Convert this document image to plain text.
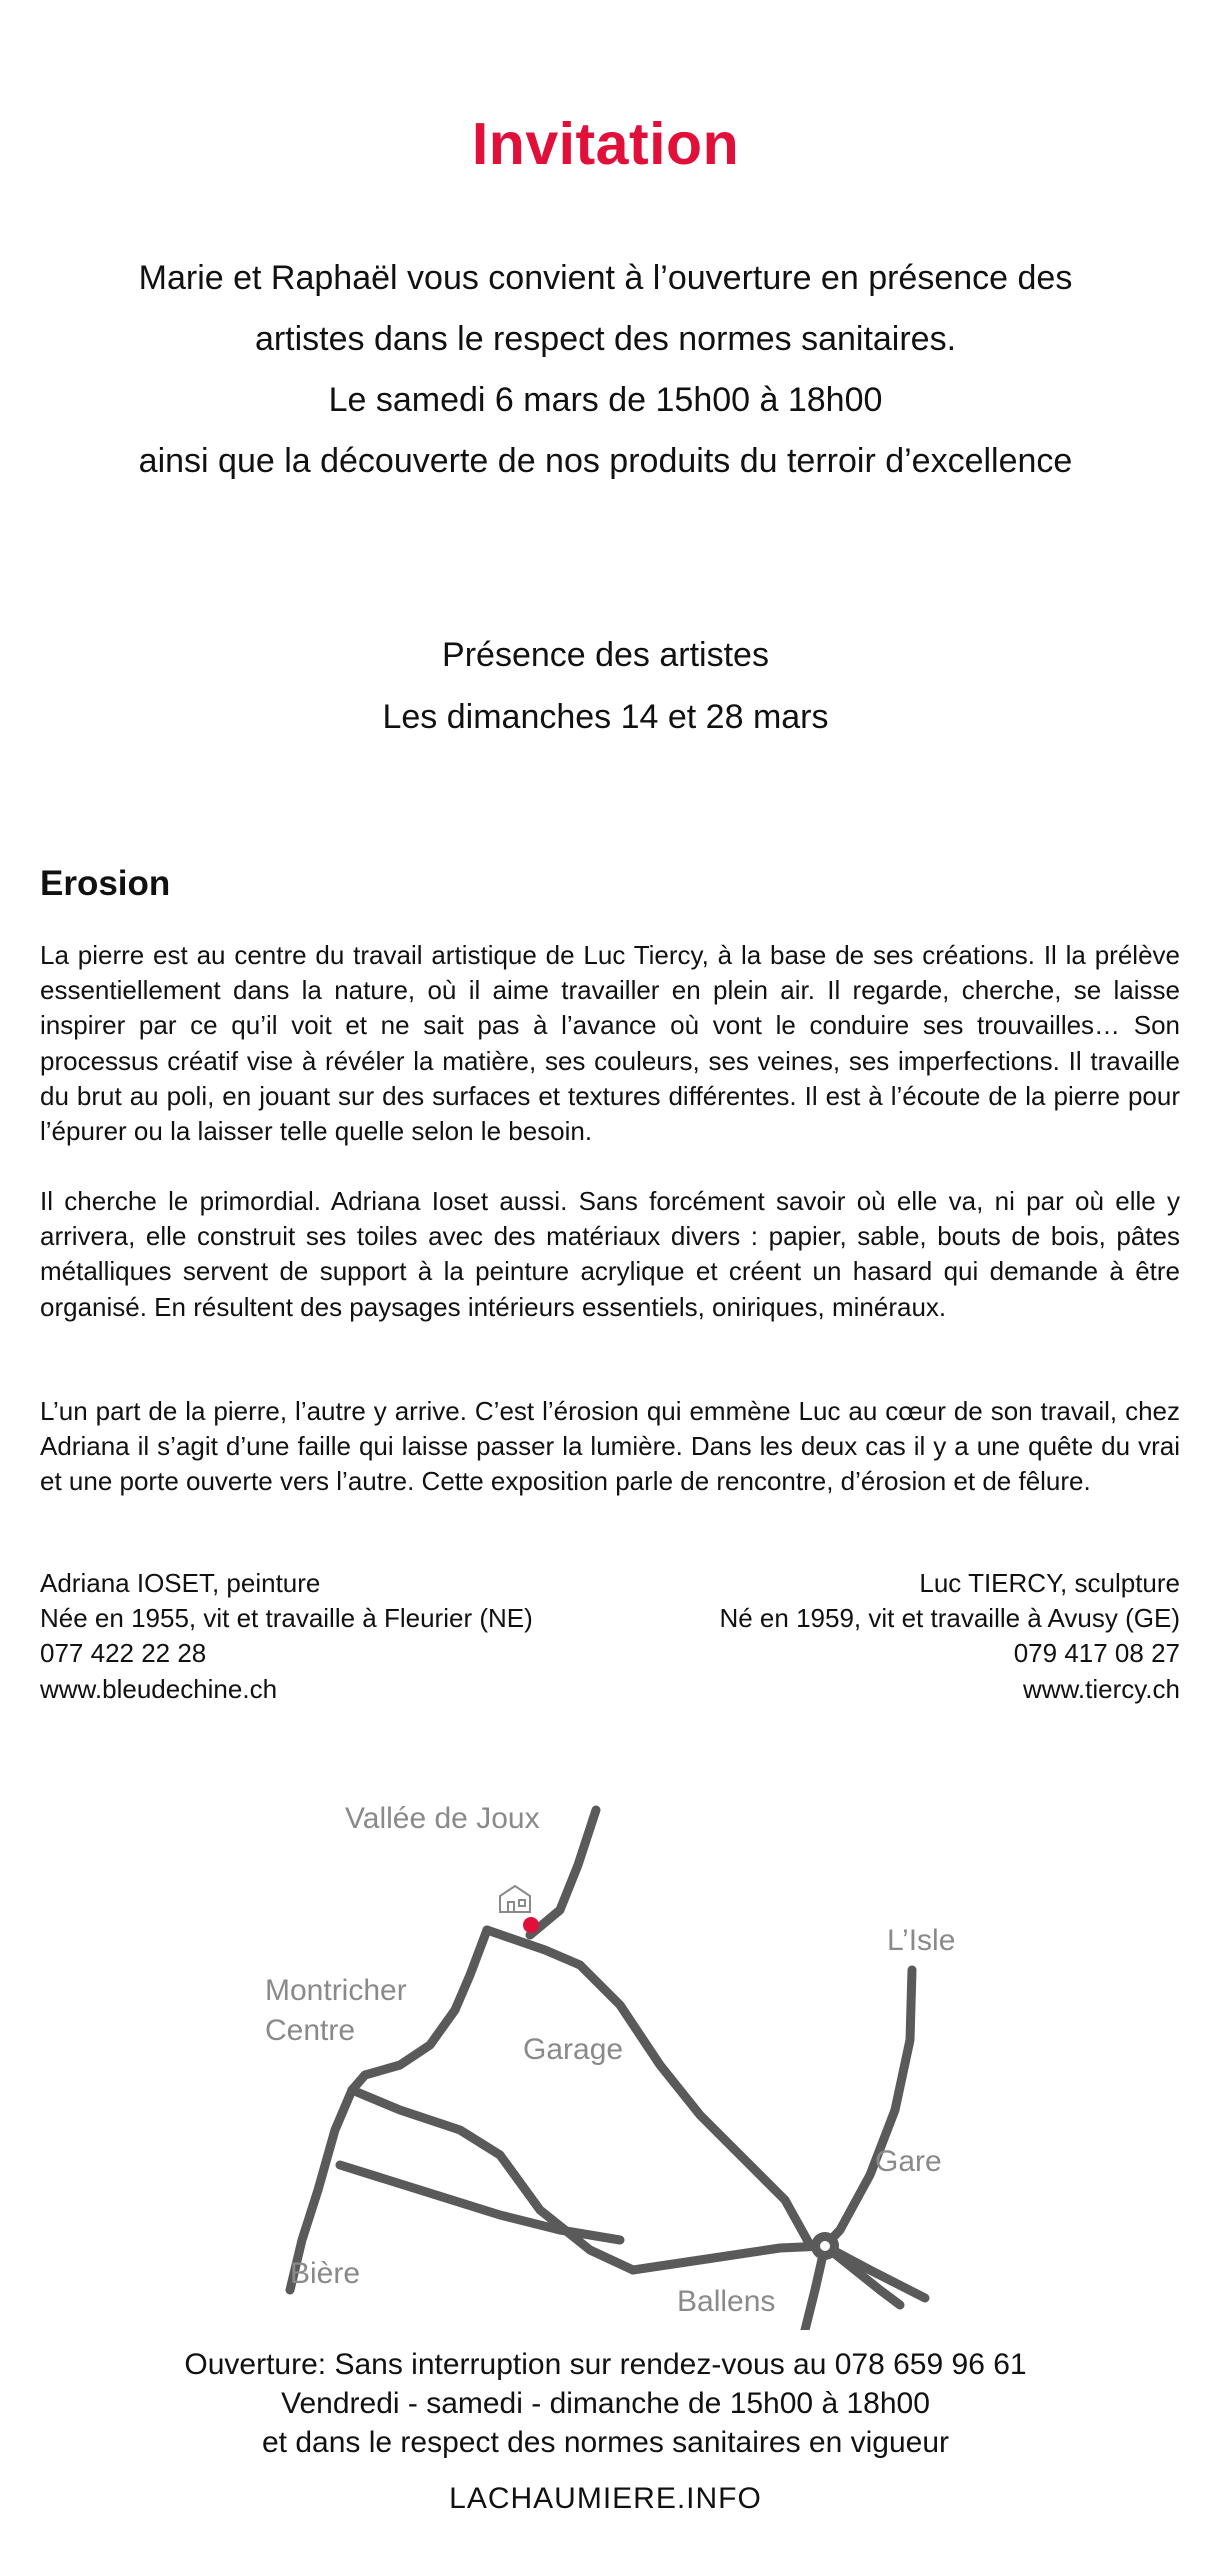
Invitation
Marie et Raphaël vous convient à l’ouverture en présence des
artistes dans le respect des normes sanitaires.
Le samedi 6 mars de 15h00 à 18h00
ainsi que la découverte de nos produits du terroir d’excellence
Présence des artistes
Les dimanches 14 et 28 mars
Erosion
La pierre est au centre du travail artistique de Luc Tiercy, à la base de ses créations. Il la prélève essentiellement dans la nature, où il aime travailler en plein air. Il regarde, cherche, se laisse inspirer par ce qu’il voit et ne sait pas à l’avance où vont le conduire ses trouvailles… Son processus créatif vise à révéler la matière, ses couleurs, ses veines, ses imperfections. Il travaille du brut au poli, en jouant sur des surfaces et textures différentes. Il est à l’écoute de la pierre pour l’épurer ou la laisser telle quelle selon le besoin.
Il cherche le primordial. Adriana Ioset aussi. Sans forcément savoir où elle va, ni par où elle y arrivera, elle construit ses toiles avec des matériaux divers : papier, sable, bouts de bois, pâtes métalliques servent de support à la peinture acrylique et créent un hasard qui demande à être organisé. En résultent des paysages intérieurs essentiels, oniriques, minéraux.
L’un part de la pierre, l’autre y arrive. C’est l’érosion qui emmène Luc au cœur de son travail, chez Adriana il s’agit d’une faille qui laisse passer la lumière. Dans les deux cas il y a une quête du vrai et une porte ouverte vers l’autre. Cette exposition parle de rencontre, d’érosion et de fêlure.
Adriana IOSET, peinture
Née en 1955, vit et travaille à Fleurier (NE)
077 422 22 28
www.bleudechine.ch
Luc TIERCY, sculpture
Né en 1959, vit et travaille à Avusy (GE)
079 417 08 27
www.tiercy.ch
Vallée de Joux
L’Isle
Montricher
Centre
Garage
Gare
Bière
Ballens
Ouverture: Sans interruption sur rendez-vous au 078 659 96 61
Vendredi - samedi - dimanche de 15h00 à 18h00
et dans le respect des normes sanitaires en vigueur
LACHAUMIERE.INFO
